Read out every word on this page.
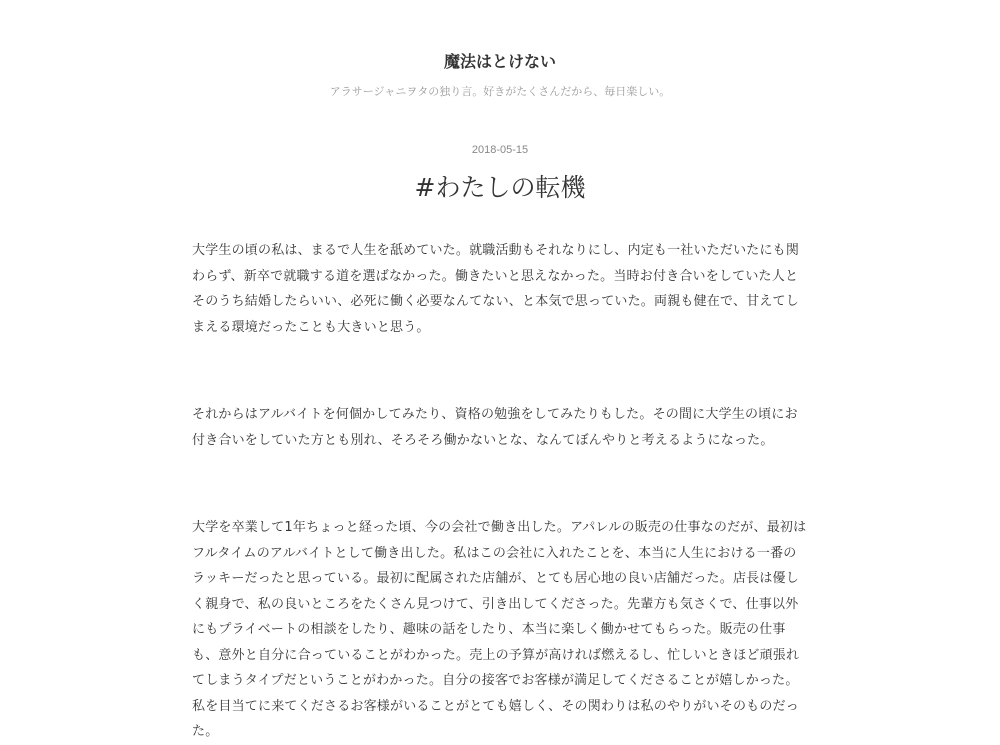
魔法はとけない

アラサージャニヲタの独り言。好きがたくさんだから、毎日楽しい。

2018-05-15
#わたしの転機

大学生の頃の私は、まるで人生を舐めていた。就職活動もそれなりにし、内定も一社いただいたにも関わらず、新卒で就職する道を選ばなかった。働きたいと思えなかった。当時お付き合いをしていた人とそのうち結婚したらいい、必死に働く必要なんてない、と本気で思っていた。両親も健在で、甘えてしまえる環境だったことも大きいと思う。

それからはアルバイトを何個かしてみたり、資格の勉強をしてみたりもした。その間に大学生の頃にお付き合いをしていた方とも別れ、そろそろ働かないとな、なんてぼんやりと考えるようになった。

大学を卒業して1年ちょっと経った頃、今の会社で働き出した。アパレルの販売の仕事なのだが、最初はフルタイムのアルバイトとして働き出した。私はこの会社に入れたことを、本当に人生における一番のラッキーだったと思っている。最初に配属された店舗が、とても居心地の良い店舗だった。店長は優しく親身で、私の良いところをたくさん見つけて、引き出してくださった。先輩方も気さくで、仕事以外にもプライベートの相談をしたり、趣味の話をしたり、本当に楽しく働かせてもらった。販売の仕事も、意外と自分に合っていることがわかった。売上の予算が高ければ燃えるし、忙しいときほど頑張れてしまうタイプだということがわかった。自分の接客でお客様が満足してくださることが嬉しかった。私を目当てに来てくださるお客様がいることがとても嬉しく、その関わりは私のやりがいそのものだった。
